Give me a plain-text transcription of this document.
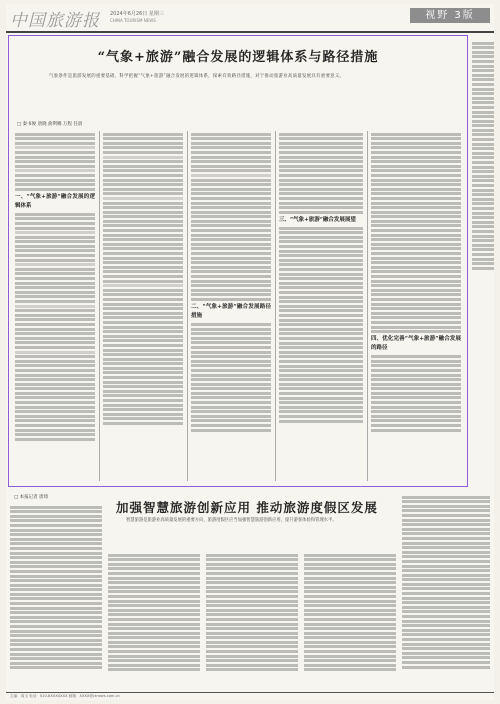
中国旅游报 2024年6月26日 星期三
CHINA TOURISM NEWS	视野 3版
“气象+旅游”融合发展的逻辑体系与路径措施
气象条件是旅游发展的重要基础，科学把握“气象+旅游”融合发展的逻辑体系，探索有效路径措施，对于推动旅游业高质量发展具有重要意义。
□ 秦书俊 唐晓 俞利娜 万程 任晨
一、“气象+旅游”融合发展的逻辑体系
二、“气象+旅游”融合发展路径措施
三、“气象+旅游”融合发展展望
四、优化完善“气象+旅游”融合发展的路径
□ 本报记者 唐琦
加强智慧旅游创新应用 推动旅游度假区发展
智慧旅游是旅游业高质量发展的重要方向，旅游度假区应当加强智慧旅游创新应用，提升游客体验和管理水平。
主编：周玉 电话：010-8XXXXXXX 邮箱：XXXX@ctnews.com.cn
